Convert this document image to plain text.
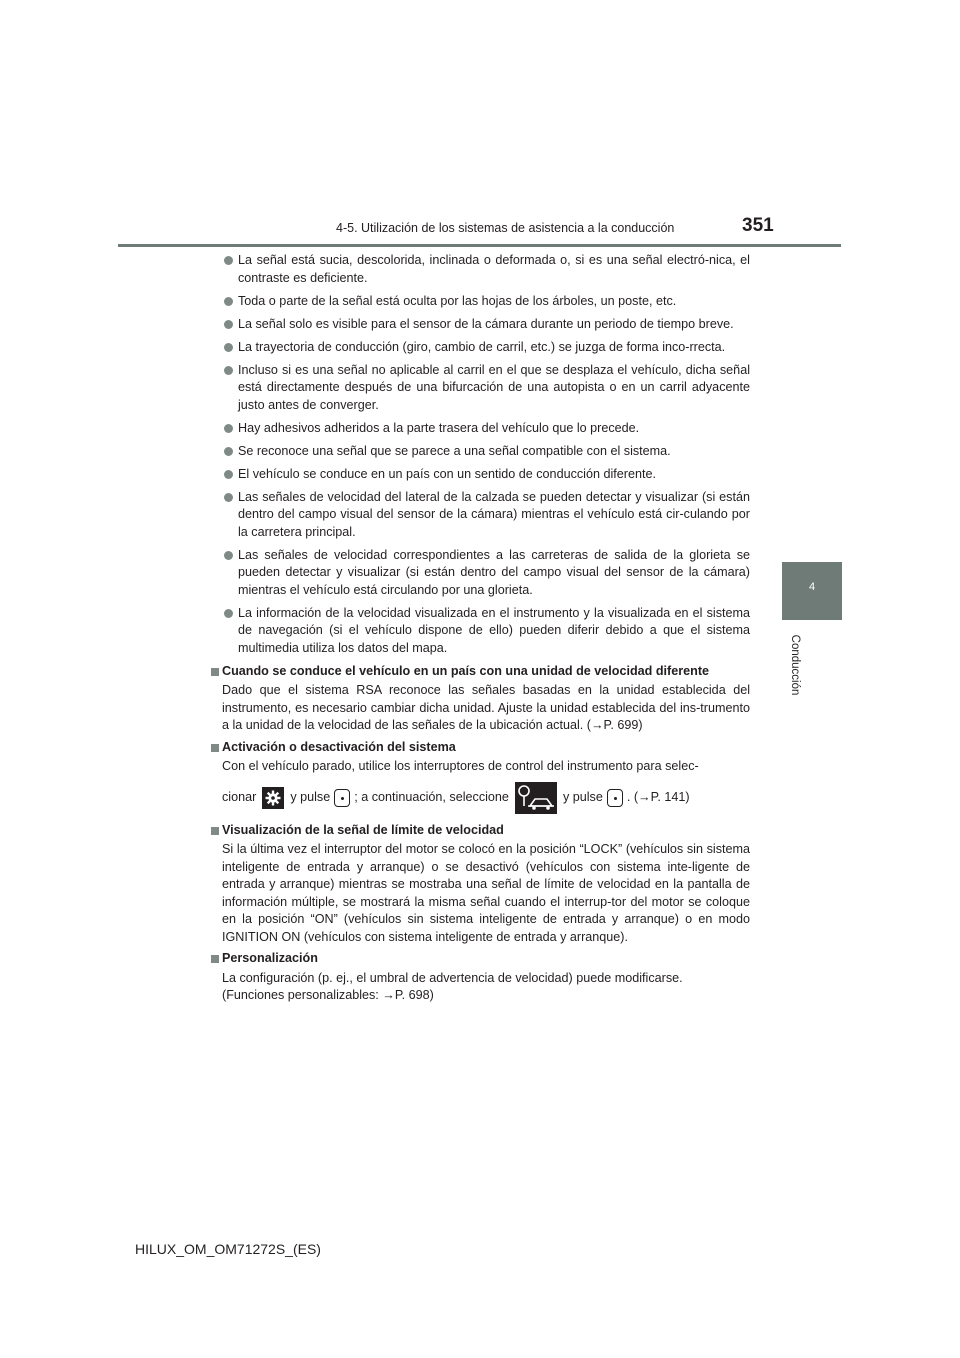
4-5. Utilización de los sistemas de asistencia a la conducción	351
4
Conducción
La señal está sucia, descolorida, inclinada o deformada o, si es una señal electró-nica, el contraste es deficiente.
Toda o parte de la señal está oculta por las hojas de los árboles, un poste, etc.
La señal solo es visible para el sensor de la cámara durante un periodo de tiempo breve.
La trayectoria de conducción (giro, cambio de carril, etc.) se juzga de forma inco-rrecta.
Incluso si es una señal no aplicable al carril en el que se desplaza el vehículo, dicha señal está directamente después de una bifurcación de una autopista o en un carril adyacente justo antes de converger.
Hay adhesivos adheridos a la parte trasera del vehículo que lo precede.
Se reconoce una señal que se parece a una señal compatible con el sistema.
El vehículo se conduce en un país con un sentido de conducción diferente.
Las señales de velocidad del lateral de la calzada se pueden detectar y visualizar (si están dentro del campo visual del sensor de la cámara) mientras el vehículo está cir-culando por la carretera principal.
Las señales de velocidad correspondientes a las carreteras de salida de la glorieta se pueden detectar y visualizar (si están dentro del campo visual del sensor de la cámara) mientras el vehículo está circulando por una glorieta.
La información de la velocidad visualizada en el instrumento y la visualizada en el sistema de navegación (si el vehículo dispone de ello) pueden diferir debido a que el sistema multimedia utiliza los datos del mapa.
Cuando se conduce el vehículo en un país con una unidad de velocidad diferente
Dado que el sistema RSA reconoce las señales basadas en la unidad establecida del instrumento, es necesario cambiar dicha unidad. Ajuste la unidad establecida del ins-trumento a la unidad de la velocidad de las señales de la ubicación actual. (→P. 699)
Activación o desactivación del sistema
Con el vehículo parado, utilice los interruptores de control del instrumento para selec-
cionar	y pulse ; a continuación, seleccione	y pulse . (→P. 141)
Visualización de la señal de límite de velocidad
Si la última vez el interruptor del motor se colocó en la posición “LOCK” (vehículos sin sistema inteligente de entrada y arranque) o se desactivó (vehículos con sistema inte-ligente de entrada y arranque) mientras se mostraba una señal de límite de velocidad en la pantalla de información múltiple, se mostrará la misma señal cuando el interrup-tor del motor se coloque en la posición “ON” (vehículos sin sistema inteligente de entrada y arranque) o en modo IGNITION ON (vehículos con sistema inteligente de entrada y arranque).
Personalización
La configuración (p. ej., el umbral de advertencia de velocidad) puede modificarse.
(Funciones personalizables: →P. 698)
HILUX_OM_OM71272S_(ES)
